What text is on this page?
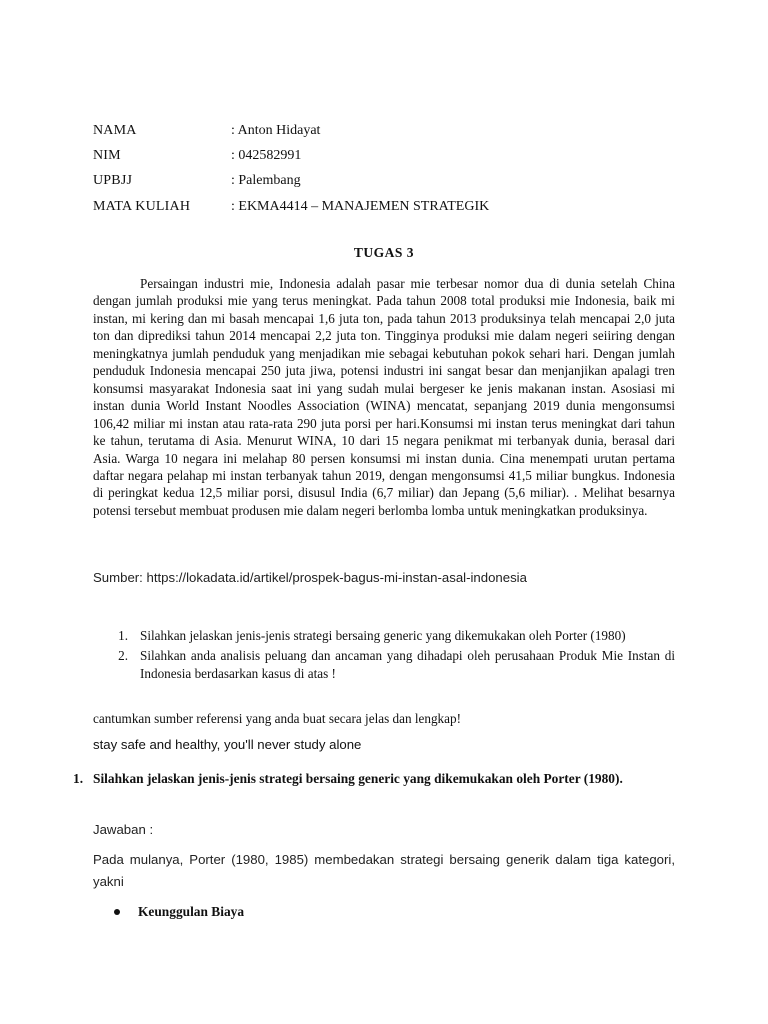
NAMA	: Anton Hidayat
NIM	: 042582991
UPBJJ	: Palembang
MATA KULIAH	: EKMA4414 – MANAJEMEN STRATEGIK
TUGAS 3
Persaingan industri mie, Indonesia adalah pasar mie terbesar nomor dua di dunia setelah China dengan jumlah produksi mie yang terus meningkat. Pada tahun 2008 total produksi mie Indonesia, baik mi instan, mi kering dan mi basah mencapai 1,6 juta ton, pada tahun 2013 produksinya telah mencapai 2,0 juta ton dan diprediksi tahun 2014 mencapai 2,2 juta ton. Tingginya produksi mie dalam negeri seiiring dengan meningkatnya jumlah penduduk yang menjadikan mie sebagai kebutuhan pokok sehari hari. Dengan jumlah penduduk Indonesia mencapai 250 juta jiwa, potensi industri ini sangat besar dan menjanjikan apalagi tren konsumsi masyarakat Indonesia saat ini yang sudah mulai bergeser ke jenis makanan instan. Asosiasi mi instan dunia World Instant Noodles Association (WINA) mencatat, sepanjang 2019 dunia mengonsumsi 106,42 miliar mi instan atau rata-rata 290 juta porsi per hari.Konsumsi mi instan terus meningkat dari tahun ke tahun, terutama di Asia. Menurut WINA, 10 dari 15 negara penikmat mi terbanyak dunia, berasal dari Asia. Warga 10 negara ini melahap 80 persen konsumsi mi instan dunia. Cina menempati urutan pertama daftar negara pelahap mi instan terbanyak tahun 2019, dengan mengonsumsi 41,5 miliar bungkus. Indonesia di peringkat kedua 12,5 miliar porsi, disusul India (6,7 miliar) dan Jepang (5,6 miliar). . Melihat besarnya potensi tersebut membuat produsen mie dalam negeri berlomba lomba untuk meningkatkan produksinya.
Sumber: https://lokadata.id/artikel/prospek-bagus-mi-instan-asal-indonesia
1. Silahkan jelaskan jenis-jenis strategi bersaing generic yang dikemukakan oleh Porter (1980)
2. Silahkan anda analisis peluang dan ancaman yang dihadapi oleh perusahaan Produk Mie Instan di Indonesia berdasarkan kasus di atas !
cantumkan sumber referensi yang anda buat secara jelas dan lengkap!
stay safe and healthy, you'll never study alone
1. Silahkan jelaskan jenis-jenis strategi bersaing generic yang dikemukakan oleh Porter (1980).
Jawaban :
Pada mulanya, Porter (1980, 1985) membedakan strategi bersaing generik dalam tiga kategori, yakni
Keunggulan Biaya
